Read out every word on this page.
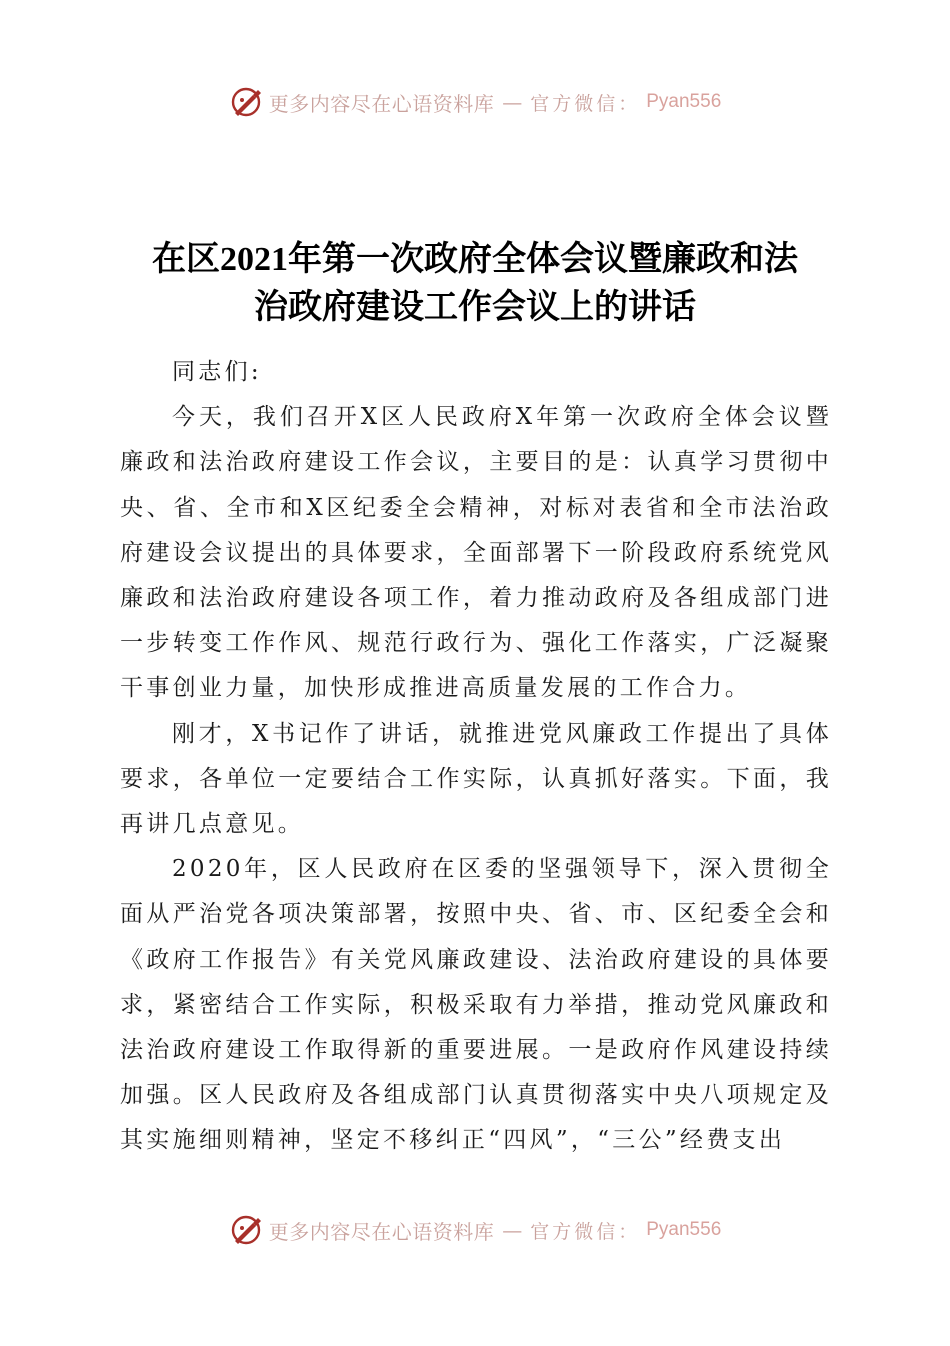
更多内容尽在心语资料库 — 官方微信： Pyan556
在区2021年第一次政府全体会议暨廉政和法
治政府建设工作会议上的讲话

同志们:

今天，我们召开X区人民政府X年第一次政府全体会议暨廉政和法治政府建设工作会议，主要目的是：认真学习贯彻中央、省、全市和X区纪委全会精神，对标对表省和全市法治政府建设会议提出的具体要求，全面部署下一阶段政府系统党风廉政和法治政府建设各项工作，着力推动政府及各组成部门进一步转变工作作风、规范行政行为、强化工作落实，广泛凝聚干事创业力量，加快形成推进高质量发展的工作合力。

刚才，X书记作了讲话，就推进党风廉政工作提出了具体要求，各单位一定要结合工作实际，认真抓好落实。下面，我再讲几点意见。

2020年，区人民政府在区委的坚强领导下，深入贯彻全面从严治党各项决策部署，按照中央、省、市、区纪委全会和《政府工作报告》有关党风廉政建设、法治政府建设的具体要求，紧密结合工作实际，积极采取有力举措，推动党风廉政和法治政府建设工作取得新的重要进展。一是政府作风建设持续加强。区人民政府及各组成部门认真贯彻落实中央八项规定及其实施细则精神，坚定不移纠正“四风”，“三公”经费支出

更多内容尽在心语资料库 — 官方微信： Pyan556
